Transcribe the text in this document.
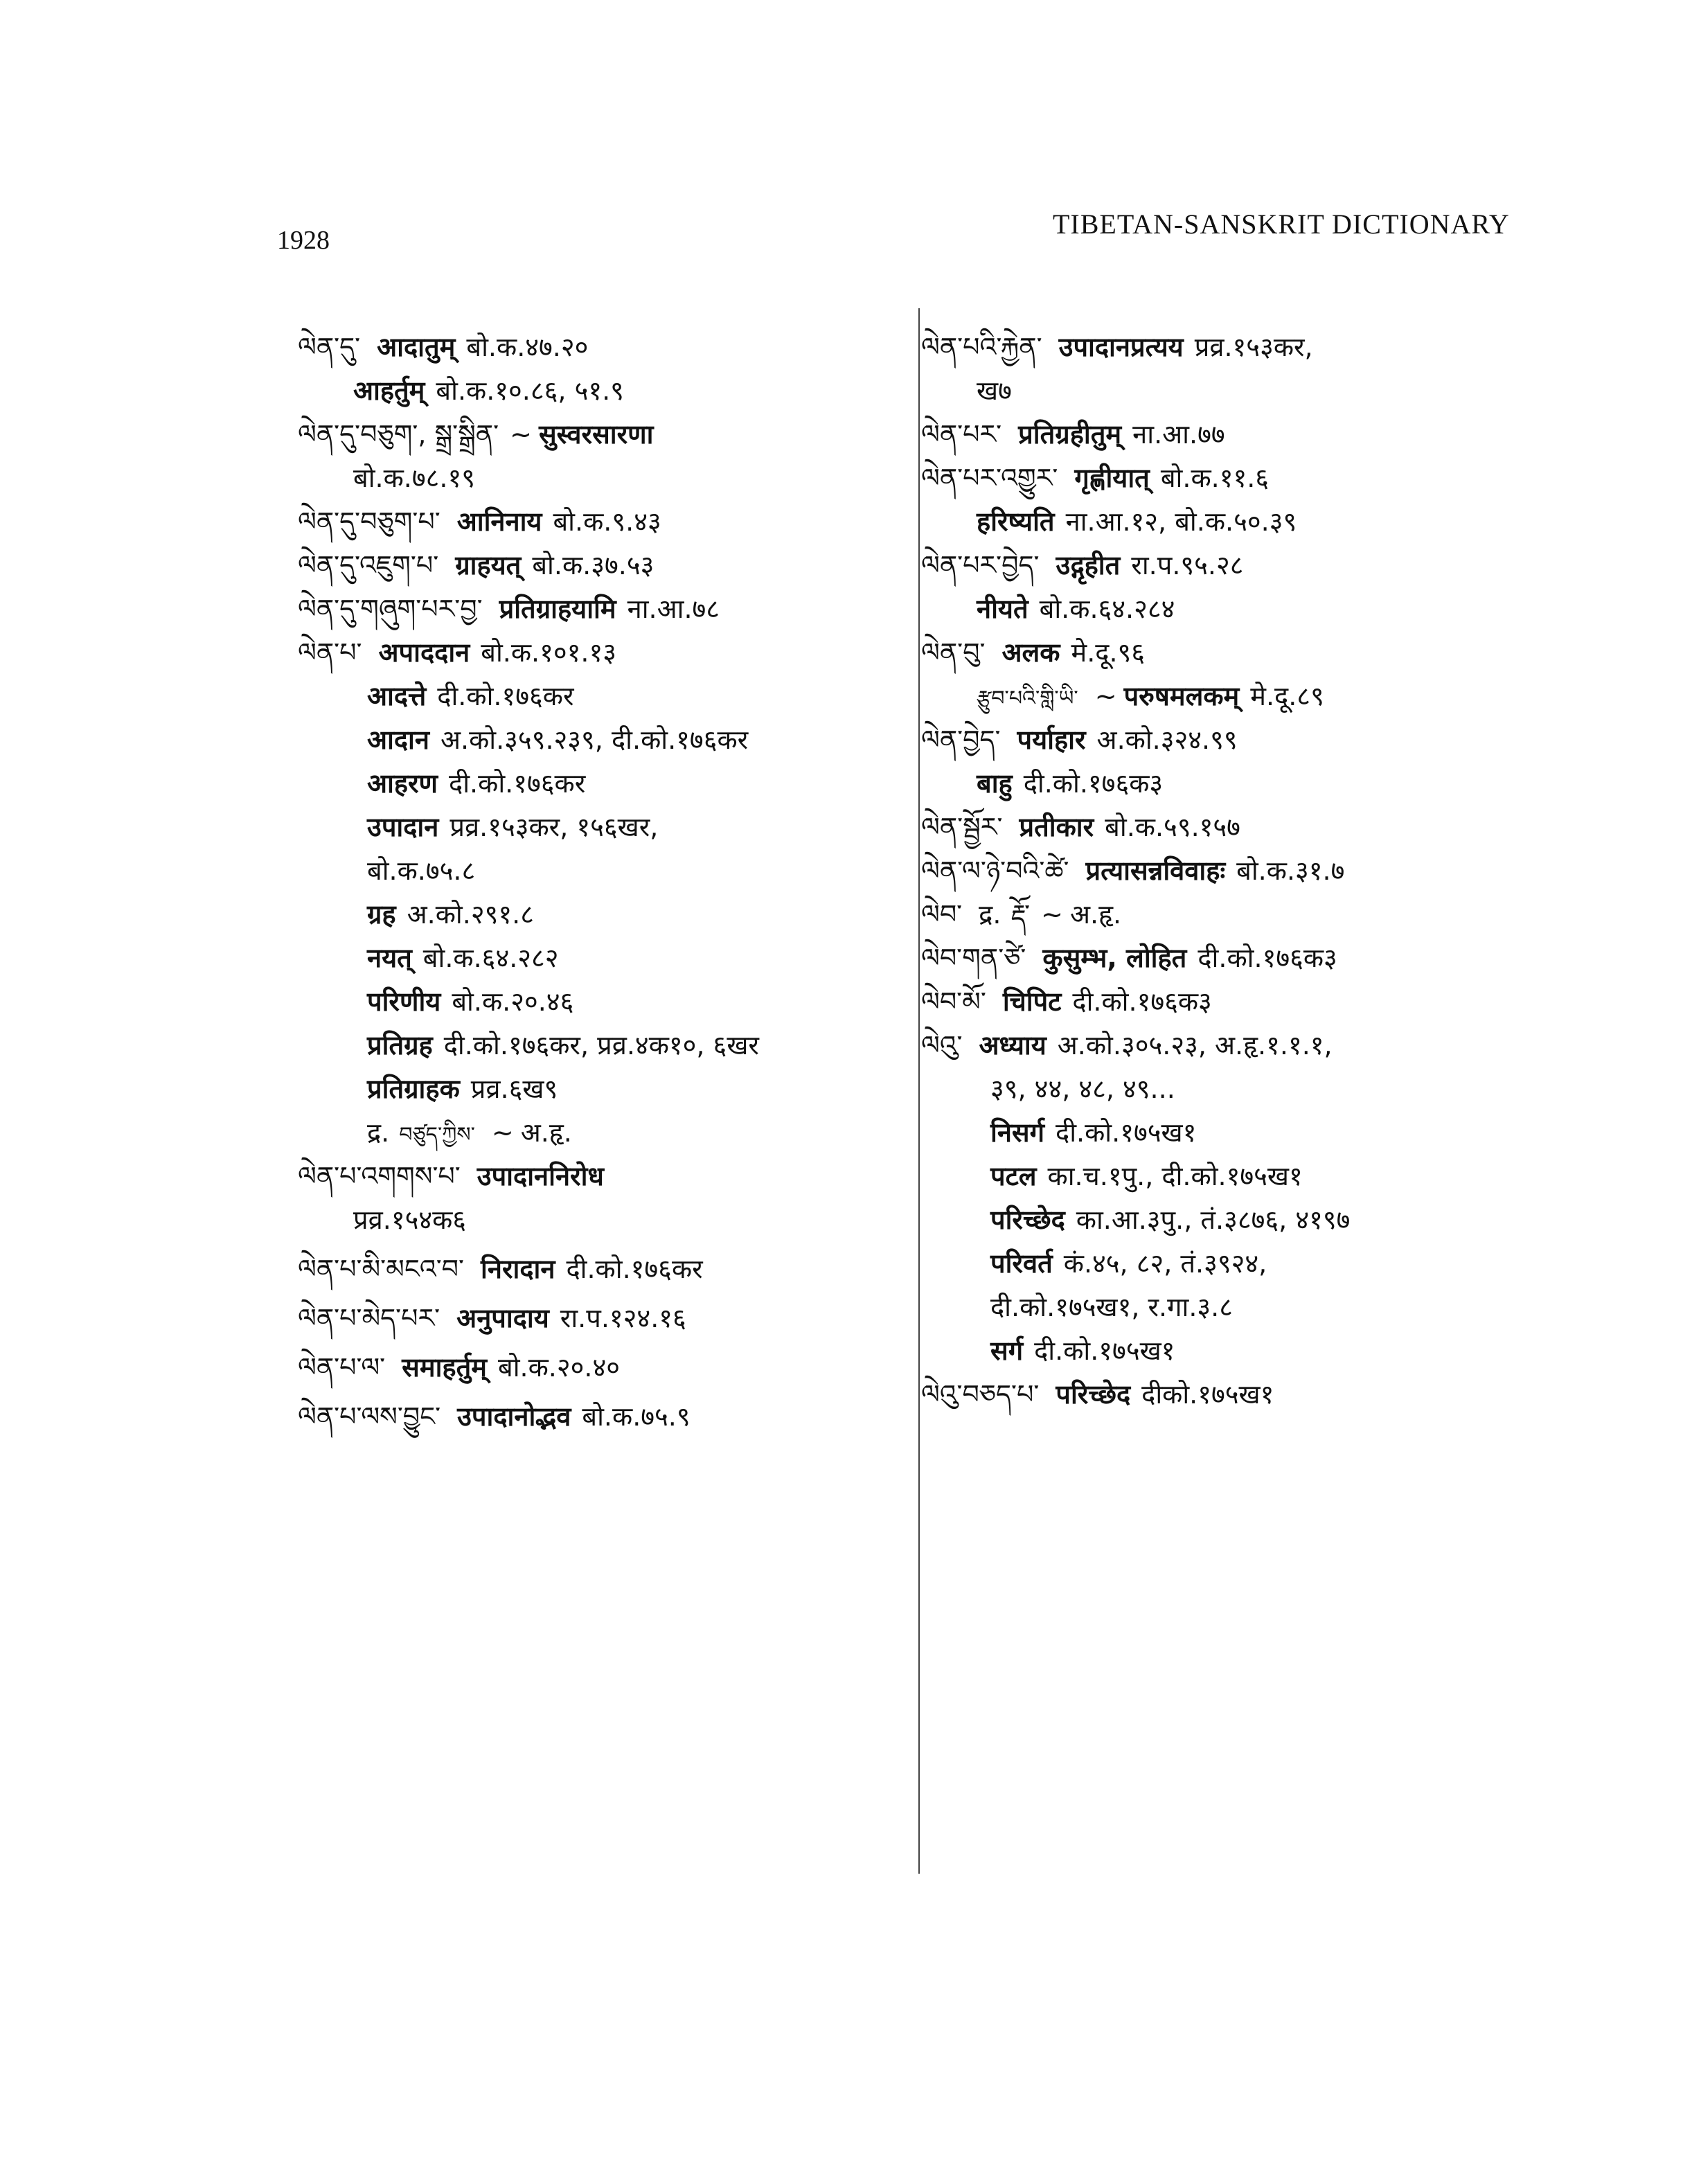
1928
TIBETAN-SANSKRIT DICTIONARY
ལེན་དུ་ आदातुम् बो.क.४७.२०
आहर्तुम् बो.क.१०.८६, ५१.९
ལེན་དུ་བཅུག་, སྒྲ་སྒྲིན་ ~ सुस्वरसारणा
बो.क.७८.१९
ལེན་དུ་བཅུག་པ་ आनिनाय बो.क.९.४३
ལེན་དུ་འཇུག་པ་ ग्राहयत् बो.क.३७.५३
ལེན་དུ་གཞུག་པར་བྱ་ प्रतिग्राहयामि ना.आ.७८
ལེན་པ་ अपाददान बो.क.१०१.१३
आदत्ते दी.को.१७६कर
आदान अ.को.३५९.२३९, दी.को.१७६कर
आहरण दी.को.१७६कर
उपादान प्रव्र.१५३कर, १५६खर,
बो.क.७५.८
ग्रह अ.को.२९१.८
नयत् बो.क.६४.२८२
परिणीय बो.क.२०.४६
प्रतिग्रह दी.को.१७६कर, प्रव्र.४क१०, ६खर
प्रतिग्राहक प्रव्र.६ख९
द्र. བཙུད་ཀྱིས་ ~ अ.हृ.
ལེན་པ་འགགས་པ་ उपादाननिरोध
प्रव्र.१५४क६
ལེན་པ་མི་མངའ་བ་ निरादान दी.को.१७६कर
ལེན་པ་མེད་པར་ अनुपादाय रा.प.१२४.१६
ལེན་པ་ལ་ समाहर्तुम् बो.क.२०.४०
ལེན་པ་ལས་བྱུང་ उपादानोद्भव बो.क.७५.९
ལེན་པའི་རྐྱེན་ उपादानप्रत्यय प्रव्र.१५३कर,
ख७
ལེན་པར་ प्रतिग्रहीतुम् ना.आ.७७
ལེན་པར་འགྱུར་ गृह्णीयात् बो.क.११.६
हरिष्यति ना.आ.१२, बो.क.५०.३९
ལེན་པར་བྱེད་ उद्गृहीत रा.प.९५.२८
नीयते बो.क.६४.२८४
ལེན་བུ་ अलक मे.दू.९६
རྩུབ་པའི་གླི་ཡི་ ~ परुषमलकम् मे.दू.८९
ལེན་བྱེད་ पर्याहार अ.को.३२४.९९
बाहु दी.को.१७६क३
ལེན་སྦྱོར་ प्रतीकार बो.क.५९.१५७
ལེན་ལ་ཉེ་བའི་ཚེ་ प्रत्यासन्नविवाहः बो.क.३१.७
ལེབ་ द्र. རྡོ་ ~ अ.हृ.
ལེབ་གན་ཙེ་ कुसुम्भ, लोहित दी.को.१७६क३
ལེབ་མོ་ चिपिट दी.को.१७६क३
ལེའུ་ अध्याय अ.को.३०५.२३, अ.हृ.१.१.१,
३९, ४४, ४८, ४९...
निसर्ग दी.को.१७५ख१
पटल का.च.१पु., दी.को.१७५ख१
परिच्छेद का.आ.३पु., तं.३८७६, ४१९७
परिवर्त कं.४५, ८२, तं.३९२४,
दी.को.१७५ख१, र.गा.३.८
सर्ग दी.को.१७५ख१
ལེའུ་བཅད་པ་ परिच्छेद दीको.१७५ख१
